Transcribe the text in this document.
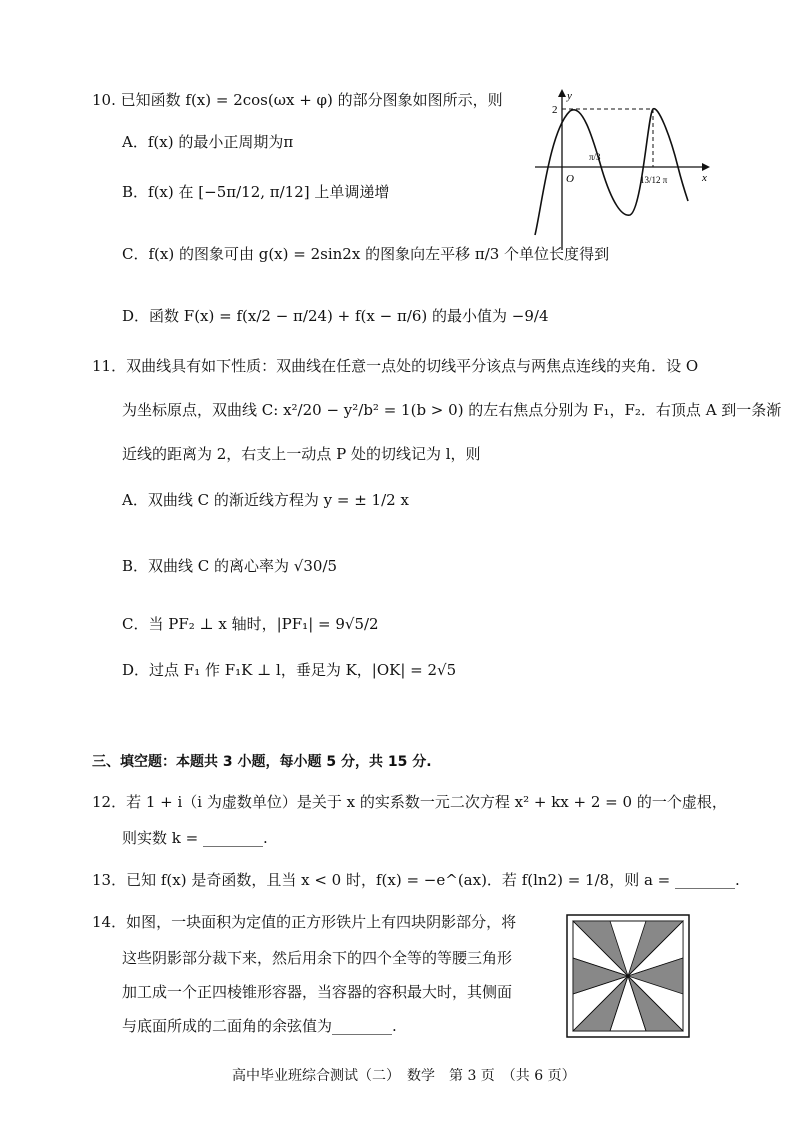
10. 已知函数 f(x) = 2cos(ωx + φ) 的部分图象如图所示，则
A．f(x) 的最小正周期为π
B．f(x) 在 [−5π/12, π/12] 上单调递增
C．f(x) 的图象可由 g(x) = 2sin2x 的图象向左平移 π/3 个单位长度得到
D．函数 F(x) = f(x/2 − π/24) + f(x − π/6) 的最小值为 −9/4
y
x
O
2
π/3
13/12 π
11．双曲线具有如下性质：双曲线在任意一点处的切线平分该点与两焦点连线的夹角．设 O
为坐标原点，双曲线 C: x²/20 − y²/b² = 1(b > 0) 的左右焦点分别为 F₁，F₂．右顶点 A 到一条渐
近线的距离为 2，右支上一动点 P 处的切线记为 l，则
A．双曲线 C 的渐近线方程为 y = ± 1/2 x
B．双曲线 C 的离心率为 √30/5
C．当 PF₂ ⊥ x 轴时，|PF₁| = 9√5/2
D．过点 F₁ 作 F₁K ⊥ l，垂足为 K，|OK| = 2√5
三、填空题：本题共 3 小题，每小题 5 分，共 15 分.
12．若 1 + i（i 为虚数单位）是关于 x 的实系数一元二次方程 x² + kx + 2 = 0 的一个虚根，
则实数 k = ________.
13．已知 f(x) 是奇函数，且当 x < 0 时，f(x) = −e^(ax)．若 f(ln2) = 1/8，则 a = ________.
14．如图，一块面积为定值的正方形铁片上有四块阴影部分，将
这些阴影部分裁下来，然后用余下的四个全等的等腰三角形
加工成一个正四棱锥形容器，当容器的容积最大时，其侧面
与底面所成的二面角的余弦值为________.
高中毕业班综合测试（二）　数学　第 3 页　（共 6 页）
